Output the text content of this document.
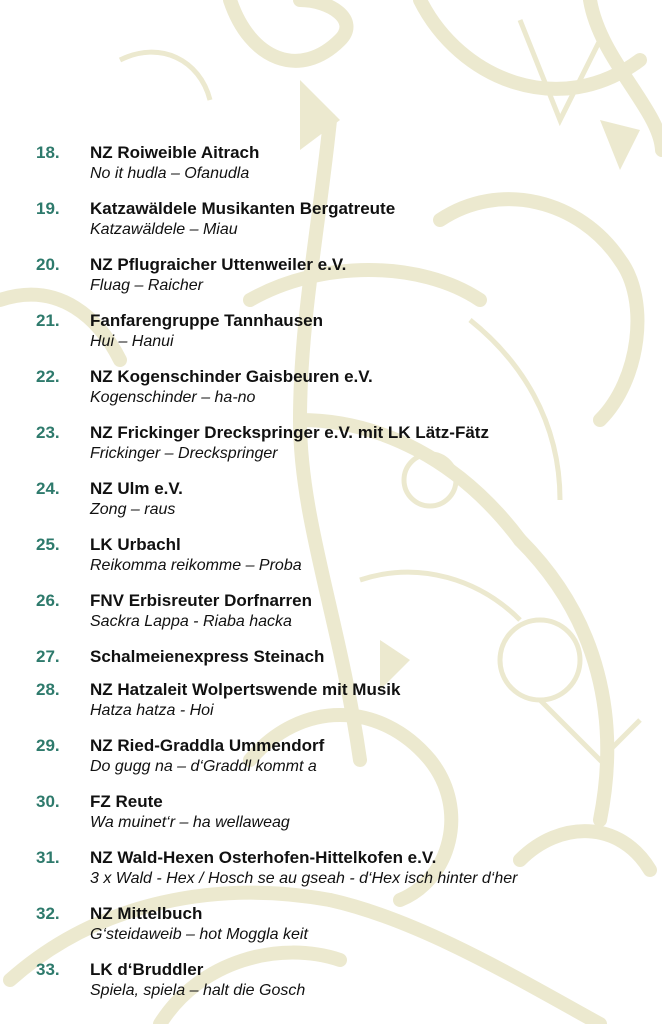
18. NZ Roiweible Aitrach
No it hudla – Ofanudla
19. Katzawäldele Musikanten Bergatreute
Katzawäldele – Miau
20. NZ Pflugraicher Uttenweiler e.V.
Fluag – Raicher
21. Fanfarengruppe Tannhausen
Hui – Hanui
22. NZ Kogenschinder Gaisbeuren e.V.
Kogenschinder – ha-no
23. NZ Frickinger Dreckspringer e.V. mit LK Lätz-Fätz
Frickinger – Dreckspringer
24. NZ Ulm e.V.
Zong – raus
25. LK Urbachl
Reikomma reikomme – Proba
26. FNV Erbisreuter Dorfnarren
Sackra Lappa - Riaba hacka
27. Schalmeienexpress Steinach
28. NZ Hatzaleit Wolpertswende mit Musik
Hatza hatza - Hoi
29. NZ Ried-Graddla Ummendorf
Do gugg na – d‘Graddl kommt a
30. FZ Reute
Wa muinet‘r – ha wellaweag
31. NZ Wald-Hexen Osterhofen-Hittelkofen e.V.
3 x Wald - Hex / Hosch se au gseah - d‘Hex isch hinter d‘her
32. NZ Mittelbuch
G‘steidaweib – hot Moggla keit
33. LK d‘Bruddler
Spiela, spiela – halt die Gosch
